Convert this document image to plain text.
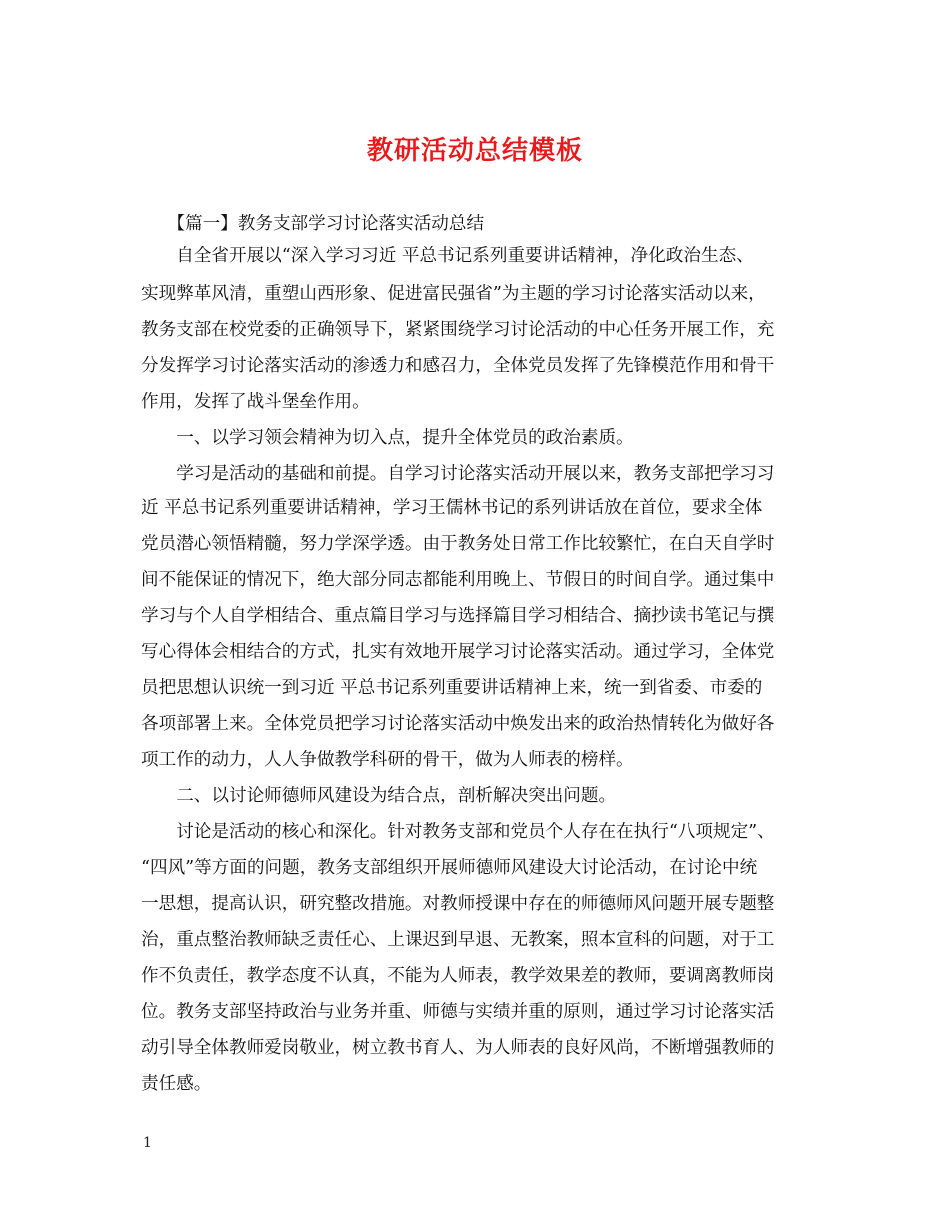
教研活动总结模板
　　【篇一】教务支部学习讨论落实活动总结
　　自全省开展以“深入学习习近 平总书记系列重要讲话精神，净化政治生态、
实现弊革风清，重塑山西形象、促进富民强省”为主题的学习讨论落实活动以来，
教务支部在校党委的正确领导下，紧紧围绕学习讨论活动的中心任务开展工作，充
分发挥学习讨论落实活动的渗透力和感召力，全体党员发挥了先锋模范作用和骨干
作用，发挥了战斗堡垒作用。
　　一、以学习领会精神为切入点，提升全体党员的政治素质。
　　学习是活动的基础和前提。自学习讨论落实活动开展以来，教务支部把学习习
近 平总书记系列重要讲话精神，学习王儒林书记的系列讲话放在首位，要求全体
党员潜心领悟精髓，努力学深学透。由于教务处日常工作比较繁忙，在白天自学时
间不能保证的情况下，绝大部分同志都能利用晚上、节假日的时间自学。通过集中
学习与个人自学相结合、重点篇目学习与选择篇目学习相结合、摘抄读书笔记与撰
写心得体会相结合的方式，扎实有效地开展学习讨论落实活动。通过学习，全体党
员把思想认识统一到习近 平总书记系列重要讲话精神上来，统一到省委、市委的
各项部署上来。全体党员把学习讨论落实活动中焕发出来的政治热情转化为做好各
项工作的动力，人人争做教学科研的骨干，做为人师表的榜样。
　　二、以讨论师德师风建设为结合点，剖析解决突出问题。
　　讨论是活动的核心和深化。针对教务支部和党员个人存在在执行“八项规定”、
“四风”等方面的问题，教务支部组织开展师德师风建设大讨论活动，在讨论中统
一思想，提高认识，研究整改措施。对教师授课中存在的师德师风问题开展专题整
治，重点整治教师缺乏责任心、上课迟到早退、无教案，照本宣科的问题，对于工
作不负责任，教学态度不认真，不能为人师表，教学效果差的教师，要调离教师岗
位。教务支部坚持政治与业务并重、师德与实绩并重的原则，通过学习讨论落实活
动引导全体教师爱岗敬业，树立教书育人、为人师表的良好风尚，不断增强教师的
责任感。
1
